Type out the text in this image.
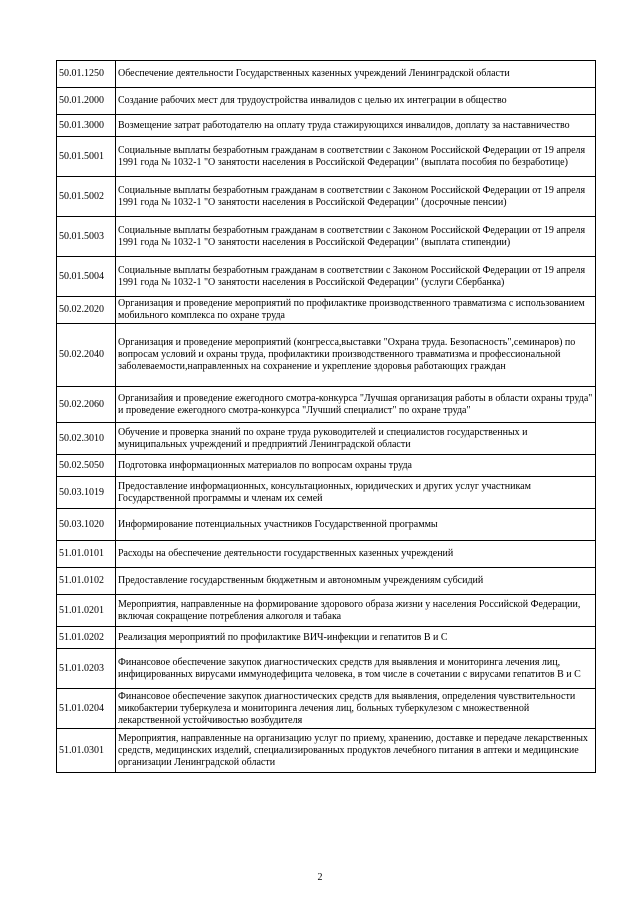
50.01.1250	Обеспечение деятельности Государственных казенных учреждений Ленинградской области
50.01.2000	Создание рабочих мест для трудоустройства инвалидов с целью их интеграции в общество
50.01.3000	Возмещение затрат работодателю на оплату труда стажирующихся инвалидов, доплату за наставничество
50.01.5001	Социальные выплаты безработным гражданам в соответствии с Законом Российской Федерации от 19 апреля 1991 года № 1032-1 "О занятости населения в Российской Федерации" (выплата пособия по безработице)
50.01.5002	Социальные выплаты безработным гражданам в соответствии с Законом Российской Федерации от 19 апреля 1991 года № 1032-1 "О занятости населения в Российской Федерации" (досрочные пенсии)
50.01.5003	Социальные выплаты безработным гражданам в соответствии с Законом Российской Федерации от 19 апреля 1991 года № 1032-1 "О занятости населения в Российской Федерации" (выплата стипендии)
50.01.5004	Социальные выплаты безработным гражданам в соответствии с Законом Российской Федерации от 19 апреля 1991 года № 1032-1 "О занятости населения в Российской Федерации" (услуги Сбербанка)
50.02.2020	Организация и проведение мероприятий по профилактике производственного травматизма с использованием мобильного комплекса по охране труда
50.02.2040	Организация и проведение мероприятий (конгресса,выставки "Охрана труда. Безопасность",семинаров) по вопросам условий и охраны труда, профилактики производственного травматизма и профессиональной заболеваемости,направленных на сохранение и укрепление здоровья работающих граждан
50.02.2060	Организайия и проведение ежегодного смотра-конкурса "Лучшая организация работы в области охраны труда" и проведение ежегодного смотра-конкурса "Лучший специалист" по охране труда"
50.02.3010	Обучение и проверка знаний по охране труда руководителей и специалистов государственных и муниципальных учреждений и предприятий Ленинградской области
50.02.5050	Подготовка информационных материалов по вопросам охраны труда
50.03.1019	Предоставление информационных, консультационных, юридических и других услуг участникам Государственной программы и членам их семей
50.03.1020	Информирование потенциальных участников Государственной программы
51.01.0101	Расходы на обеспечение деятельности государственных казенных учреждений
51.01.0102	Предоставление государственным бюджетным и автономным учреждениям субсидий
51.01.0201	Мероприятия, направленные на формирование здорового образа жизни у населения Российской Федерации, включая сокращение потребления алкоголя и табака
51.01.0202	Реализация мероприятий по профилактике ВИЧ-инфекции и гепатитов В и С
51.01.0203	Финансовое обеспечение закупок диагностических средств для выявления и мониторинга лечения лиц, инфицированных вирусами иммунодефицита человека, в том числе в сочетании с вирусами гепатитов В и С
51.01.0204	Финансовое обеспечение закупок диагностических средств для выявления, определения чувствительности микобактерии туберкулеза и мониторинга лечения лиц, больных туберкулезом с множественной лекарственной устойчивостью возбудителя
51.01.0301	Мероприятия, направленные на организацию услуг по приему, хранению, доставке и передаче лекарственных средств, медицинских изделий, специализированных продуктов лечебного питания в аптеки и медицинские организации Ленинградской области
2
